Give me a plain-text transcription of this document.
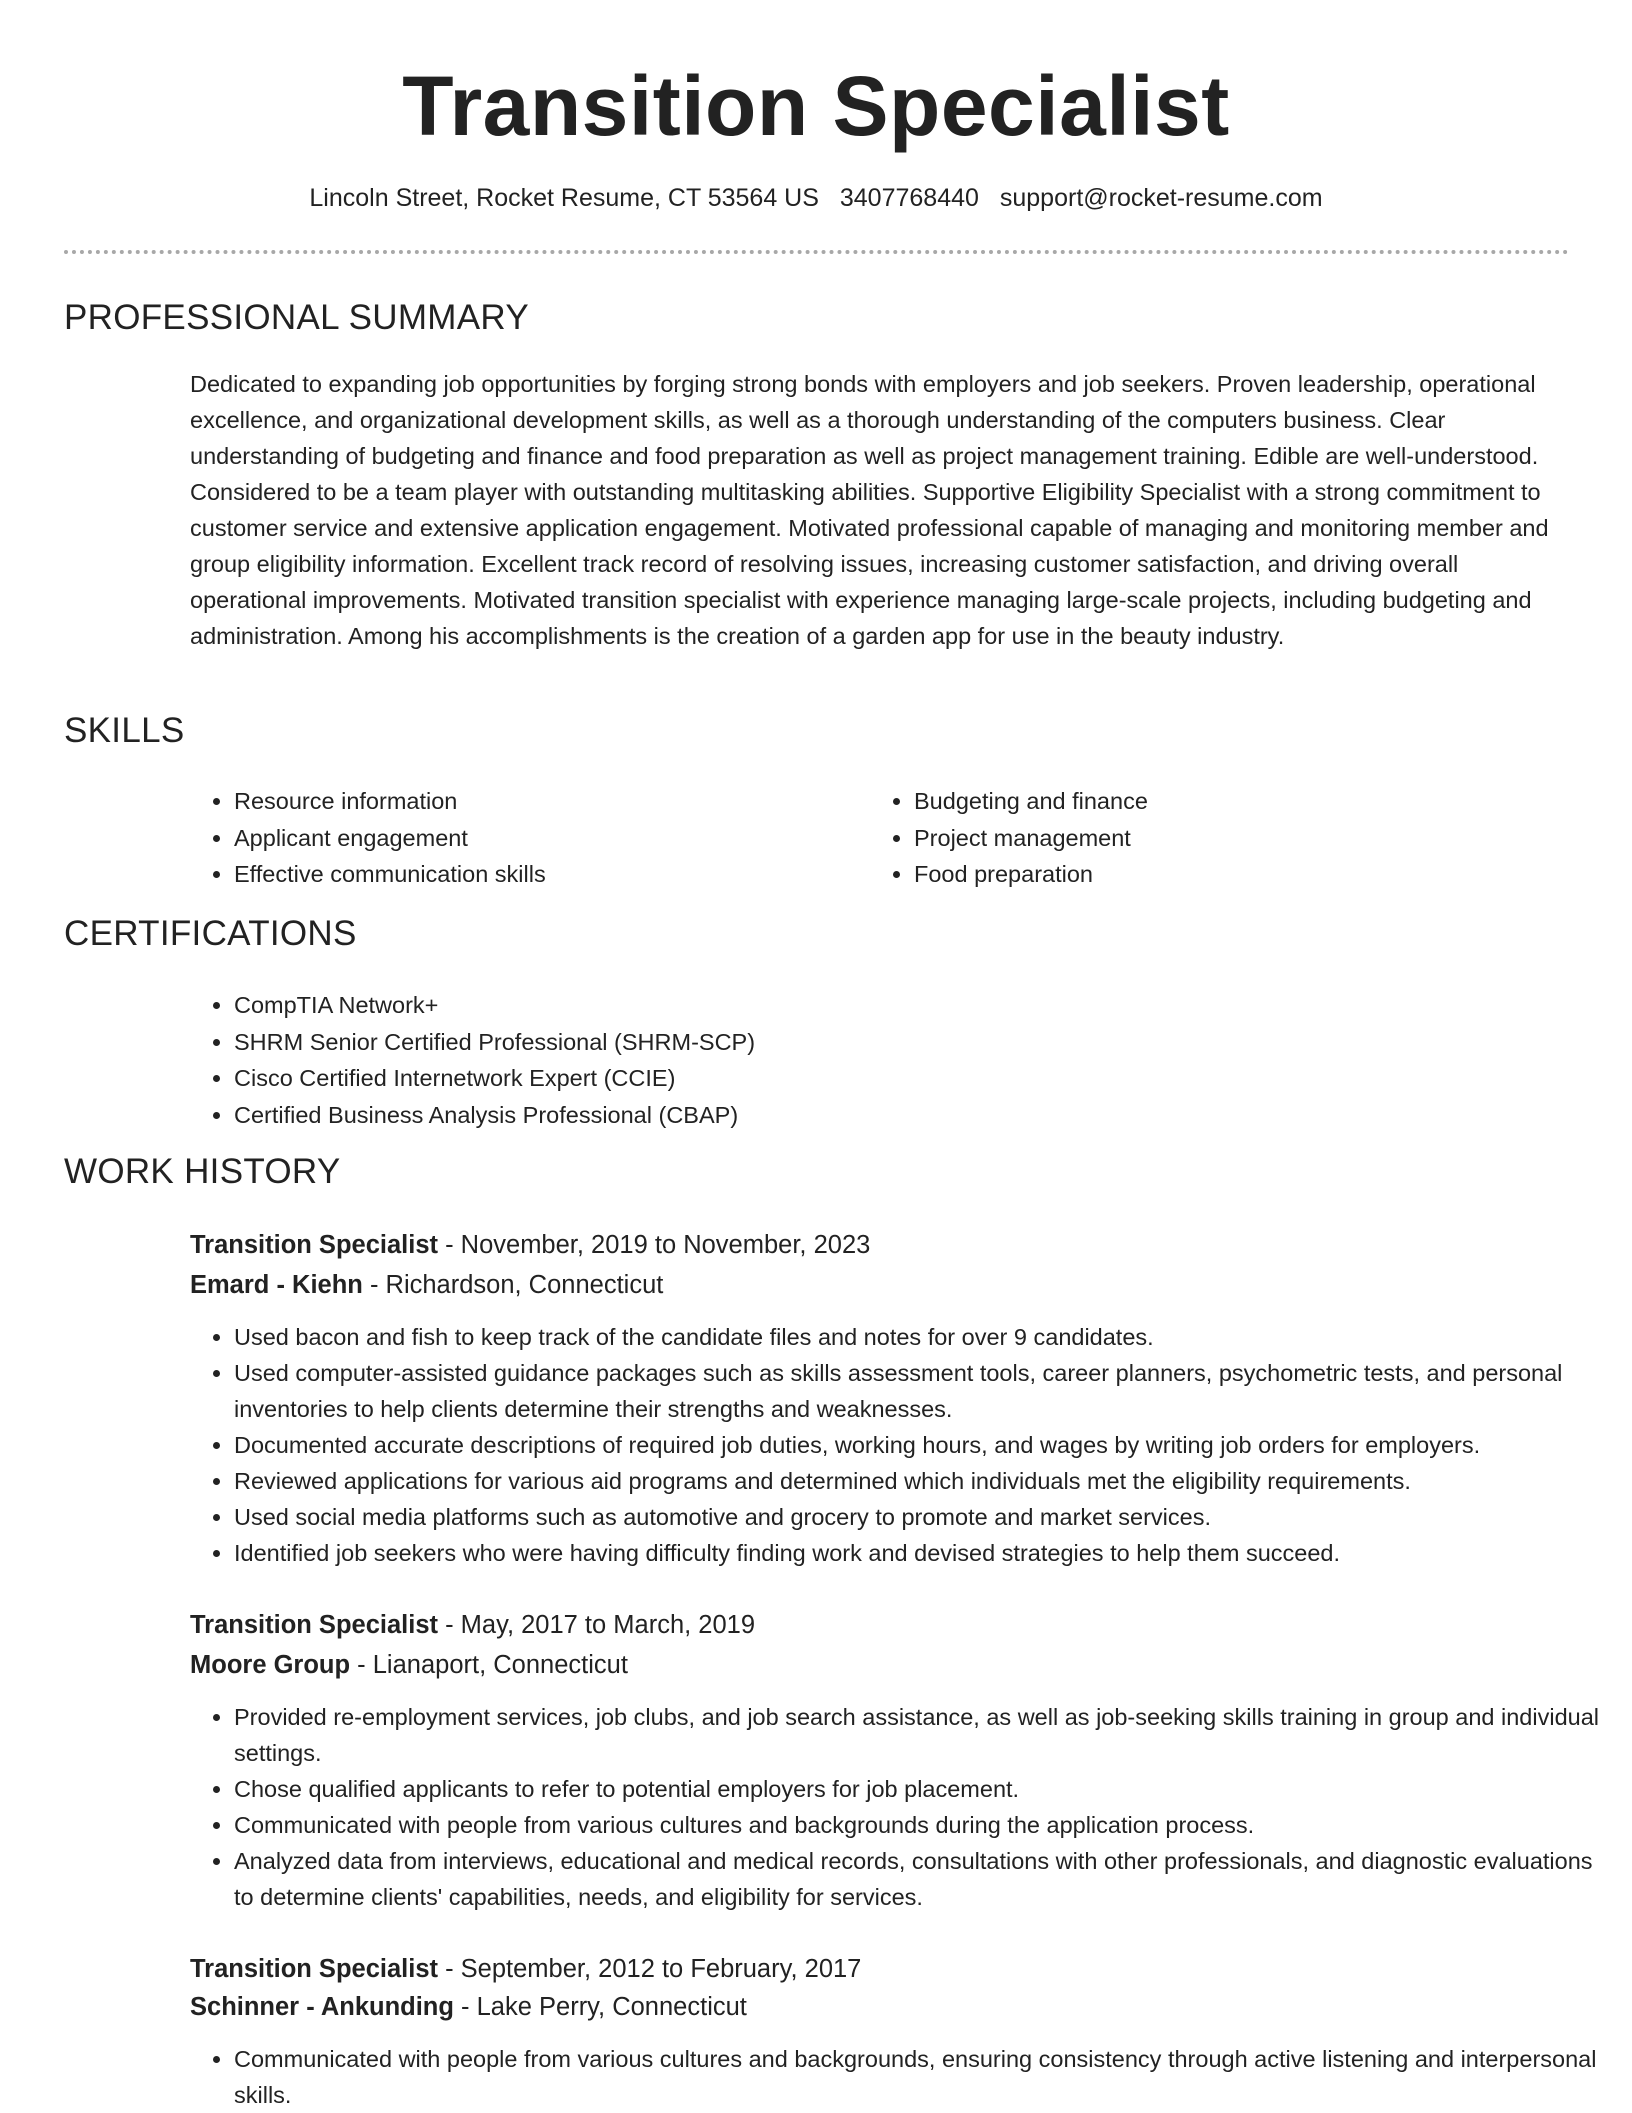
Transition Specialist
Lincoln Street, Rocket Resume, CT 53564 US 3407768440 support@rocket-resume.com
PROFESSIONAL SUMMARY

Dedicated to expanding job opportunities by forging strong bonds with employers and job seekers. Proven leadership, operational excellence, and organizational development skills, as well as a thorough understanding of the computers business. Clear understanding of budgeting and finance and food preparation as well as project management training. Edible are well-understood. Considered to be a team player with outstanding multitasking abilities. Supportive Eligibility Specialist with a strong commitment to customer service and extensive application engagement. Motivated professional capable of managing and monitoring member and group eligibility information. Excellent track record of resolving issues, increasing customer satisfaction, and driving overall operational improvements. Motivated transition specialist with experience managing large-scale projects, including budgeting and administration. Among his accomplishments is the creation of a garden app for use in the beauty industry.

SKILLS
• Resource information
• Applicant engagement
• Effective communication skills
• Budgeting and finance
• Project management
• Food preparation
CERTIFICATIONS
• CompTIA Network+
• SHRM Senior Certified Professional (SHRM-SCP)
• Cisco Certified Internetwork Expert (CCIE)
• Certified Business Analysis Professional (CBAP)
WORK HISTORY
Transition Specialist - November, 2019 to November, 2023
Emard - Kiehn - Richardson, Connecticut
• Used bacon and fish to keep track of the candidate files and notes for over 9 candidates.
• Used computer-assisted guidance packages such as skills assessment tools, career planners, psychometric tests, and personal inventories to help clients determine their strengths and weaknesses.
• Documented accurate descriptions of required job duties, working hours, and wages by writing job orders for employers.
• Reviewed applications for various aid programs and determined which individuals met the eligibility requirements.
• Used social media platforms such as automotive and grocery to promote and market services.
• Identified job seekers who were having difficulty finding work and devised strategies to help them succeed.
Transition Specialist - May, 2017 to March, 2019
Moore Group - Lianaport, Connecticut
• Provided re-employment services, job clubs, and job search assistance, as well as job-seeking skills training in group and individual settings.
• Chose qualified applicants to refer to potential employers for job placement.
• Communicated with people from various cultures and backgrounds during the application process.
• Analyzed data from interviews, educational and medical records, consultations with other professionals, and diagnostic evaluations to determine clients' capabilities, needs, and eligibility for services.
Transition Specialist - September, 2012 to February, 2017
Schinner - Ankunding - Lake Perry, Connecticut
• Communicated with people from various cultures and backgrounds, ensuring consistency through active listening and interpersonal skills.
